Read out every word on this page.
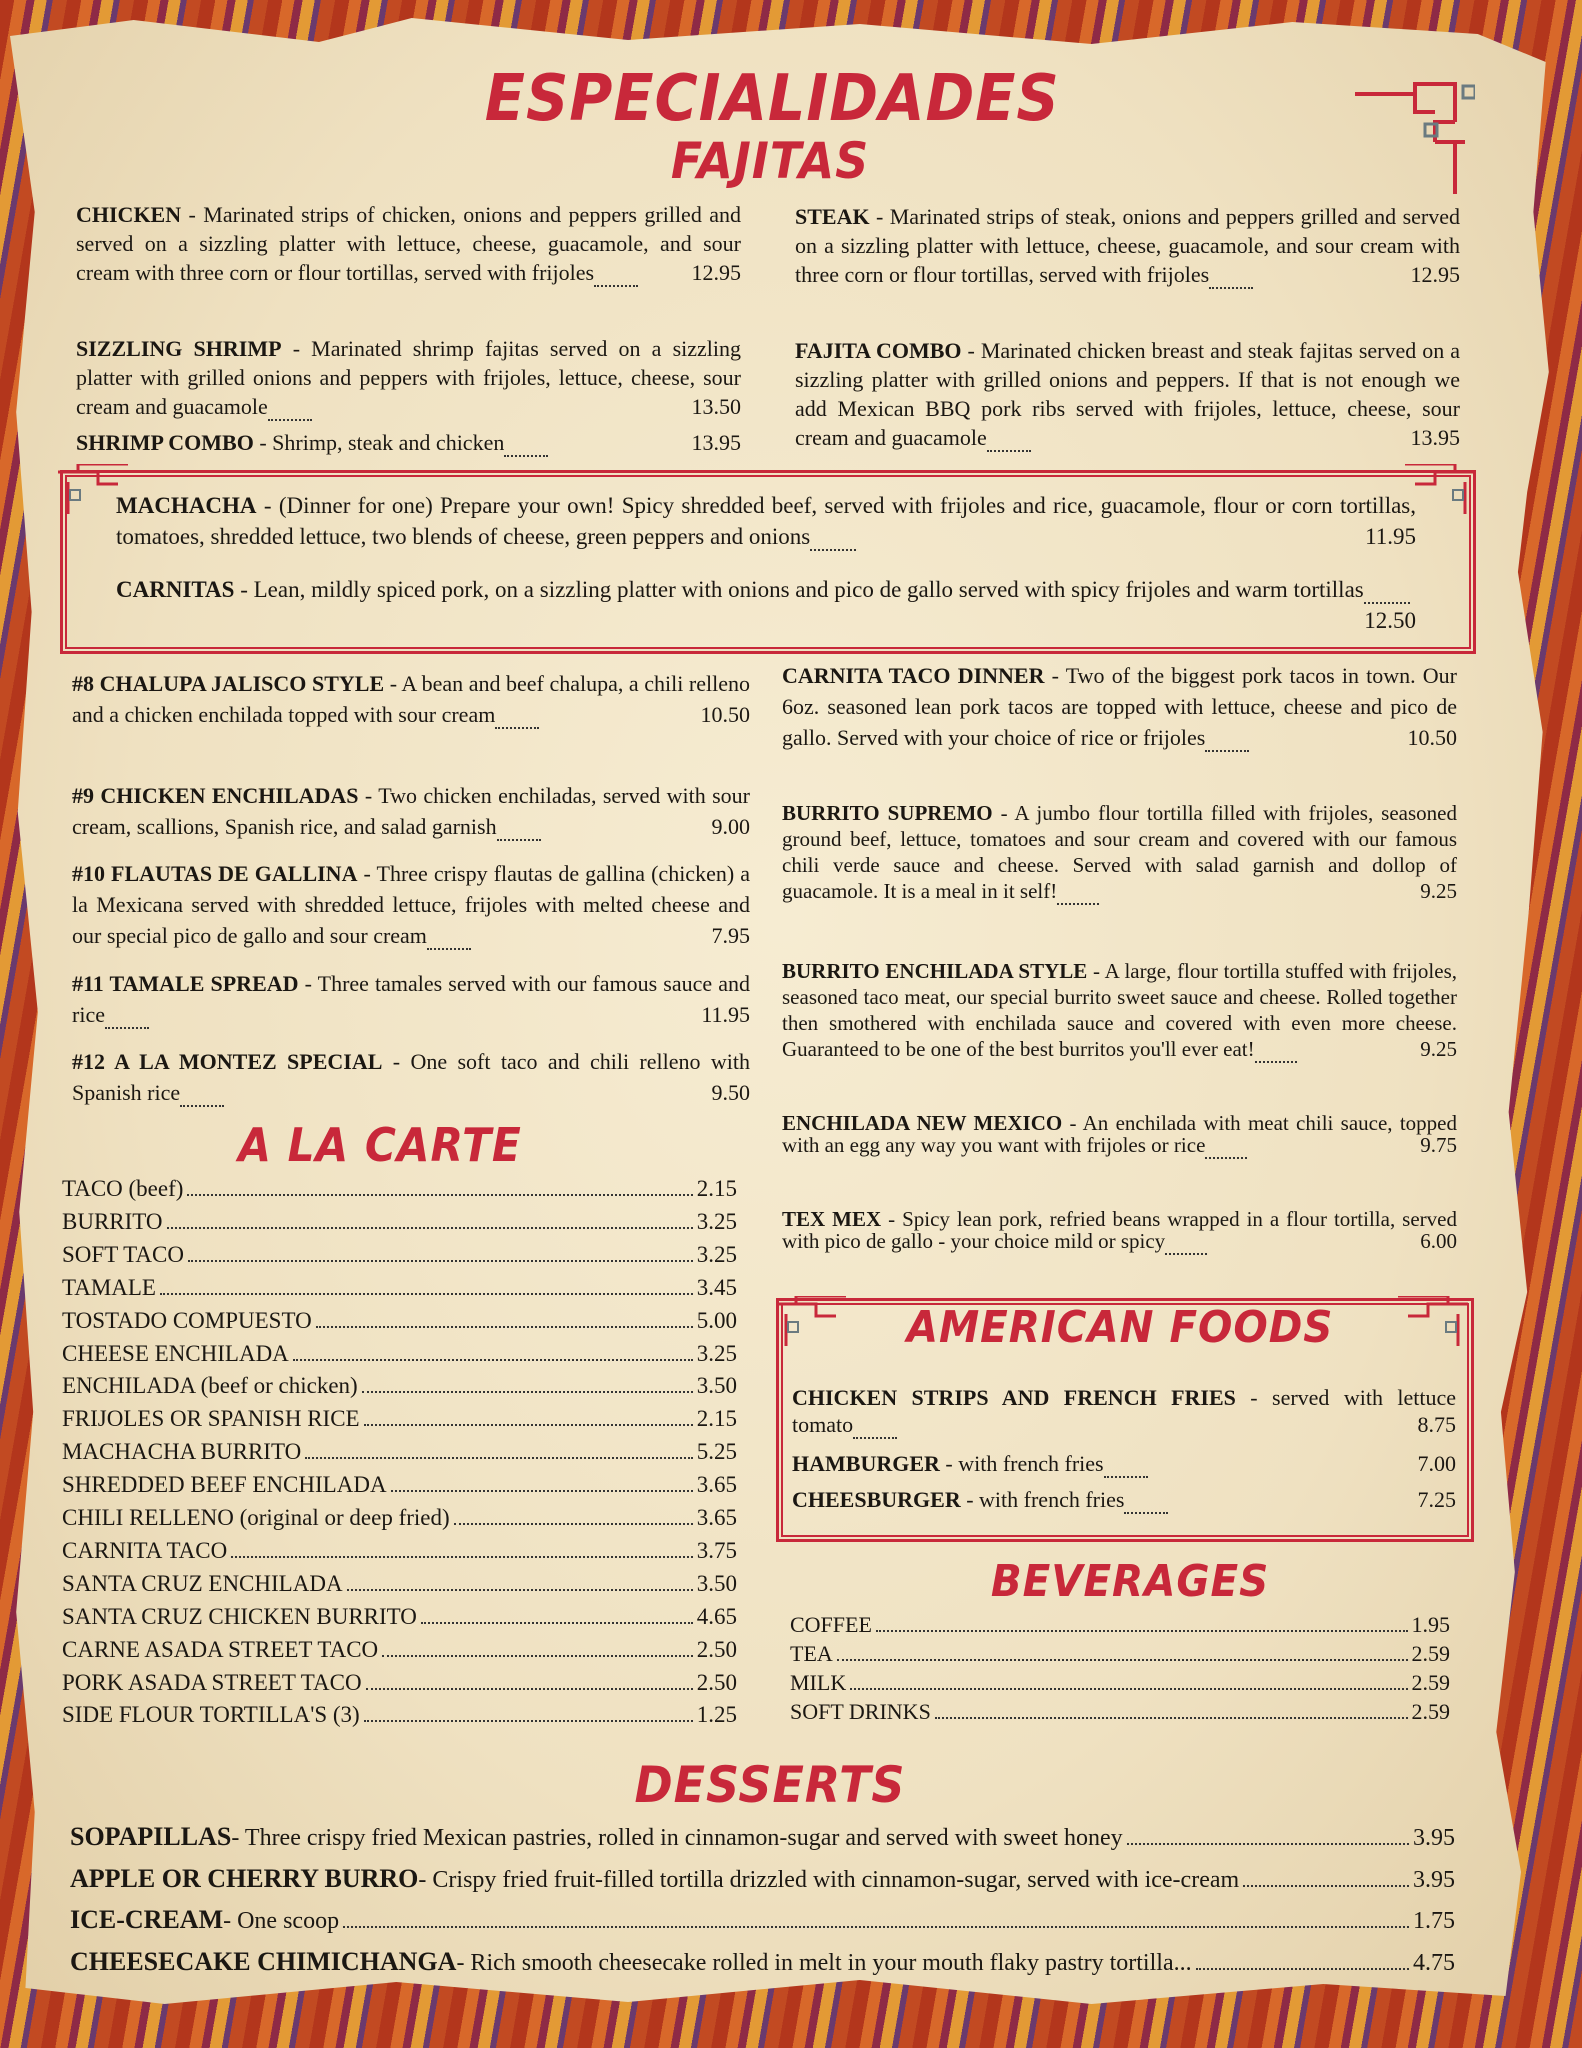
ESPECIALIDADES
FAJITAS
A LA CARTE
AMERICAN FOODS
BEVERAGES
DESSERTS
CHICKEN - Marinated strips of chicken, onions and peppers grilled and served on a sizzling platter with lettuce, cheese, guacamole, and sour cream with three corn or flour tortillas, served with frijoles	12.95
SIZZLING SHRIMP - Marinated shrimp fajitas served on a sizzling platter with grilled onions and peppers with frijoles, lettuce, cheese, sour cream and guacamole	13.50
SHRIMP COMBO - Shrimp, steak and chicken	13.95
STEAK - Marinated strips of steak, onions and peppers grilled and served on a sizzling platter with lettuce, cheese, guacamole, and sour cream with three corn or flour tortillas, served with frijoles	12.95
FAJITA COMBO - Marinated chicken breast and steak fajitas served on a sizzling platter with grilled onions and peppers. If that is not enough we add Mexican BBQ pork ribs served with frijoles, lettuce, cheese, sour cream and guacamole	13.95
MACHACHA - (Dinner for one) Prepare your own! Spicy shredded beef, served with frijoles and rice, guacamole, flour or corn tortillas, tomatoes, shredded lettuce, two blends of cheese, green peppers and onions	11.95
CARNITAS - Lean, mildly spiced pork, on a sizzling platter with onions and pico de gallo served with spicy frijoles and warm tortillas
12.50
#8 CHALUPA JALISCO STYLE - A bean and beef chalupa, a chili relleno and a chicken enchilada topped with sour cream	10.50
#9 CHICKEN ENCHILADAS - Two chicken enchiladas, served with sour cream, scallions, Spanish rice, and salad garnish	9.00
#10 FLAUTAS DE GALLINA - Three crispy flautas de gallina (chicken) a la Mexicana served with shredded lettuce, frijoles with melted cheese and our special pico de gallo and sour cream	7.95
#11 TAMALE SPREAD - Three tamales served with our famous sauce and rice	11.95
#12 A LA MONTEZ SPECIAL - One soft taco and chili relleno with Spanish rice	9.50
CARNITA TACO DINNER - Two of the biggest pork tacos in town. Our 6oz. seasoned lean pork tacos are topped with lettuce, cheese and pico de gallo. Served with your choice of rice or frijoles	10.50
BURRITO SUPREMO - A jumbo flour tortilla filled with frijoles, seasoned ground beef, lettuce, tomatoes and sour cream and covered with our famous chili verde sauce and cheese. Served with salad garnish and dollop of guacamole. It is a meal in it self!	9.25
BURRITO ENCHILADA STYLE - A large, flour tortilla stuffed with frijoles, seasoned taco meat, our special burrito sweet sauce and cheese. Rolled together then smothered with enchilada sauce and covered with even more cheese. Guaranteed to be one of the best burritos you'll ever eat!	9.25
ENCHILADA NEW MEXICO - An enchilada with meat chili sauce, topped with an egg any way you want with frijoles or rice	9.75
TEX MEX - Spicy lean pork, refried beans wrapped in a flour tortilla, served with pico de gallo - your choice mild or spicy	6.00
TACO (beef)	2.15
BURRITO	3.25
SOFT TACO	3.25
TAMALE	3.45
TOSTADO COMPUESTO	5.00
CHEESE ENCHILADA	3.25
ENCHILADA (beef or chicken)	3.50
FRIJOLES OR SPANISH RICE	2.15
MACHACHA BURRITO	5.25
SHREDDED BEEF ENCHILADA	3.65
CHILI RELLENO (original or deep fried)	3.65
CARNITA TACO	3.75
SANTA CRUZ ENCHILADA	3.50
SANTA CRUZ CHICKEN BURRITO	4.65
CARNE ASADA STREET TACO	2.50
PORK ASADA STREET TACO	2.50
SIDE FLOUR TORTILLA'S (3)	1.25
CHICKEN STRIPS AND FRENCH FRIES - served with lettuce tomato	8.75
HAMBURGER - with french fries	7.00
CHEESBURGER - with french fries	7.25
COFFEE	1.95
TEA	2.59
MILK	2.59
SOFT DRINKS	2.59
SOPAPILLAS - Three crispy fried Mexican pastries, rolled in cinnamon-sugar and served with sweet honey	3.95
APPLE OR CHERRY BURRO - Crispy fried fruit-filled tortilla drizzled with cinnamon-sugar, served with ice-cream	3.95
ICE-CREAM - One scoop	1.75
CHEESECAKE CHIMICHANGA - Rich smooth cheesecake rolled in melt in your mouth flaky pastry tortilla...	4.75
